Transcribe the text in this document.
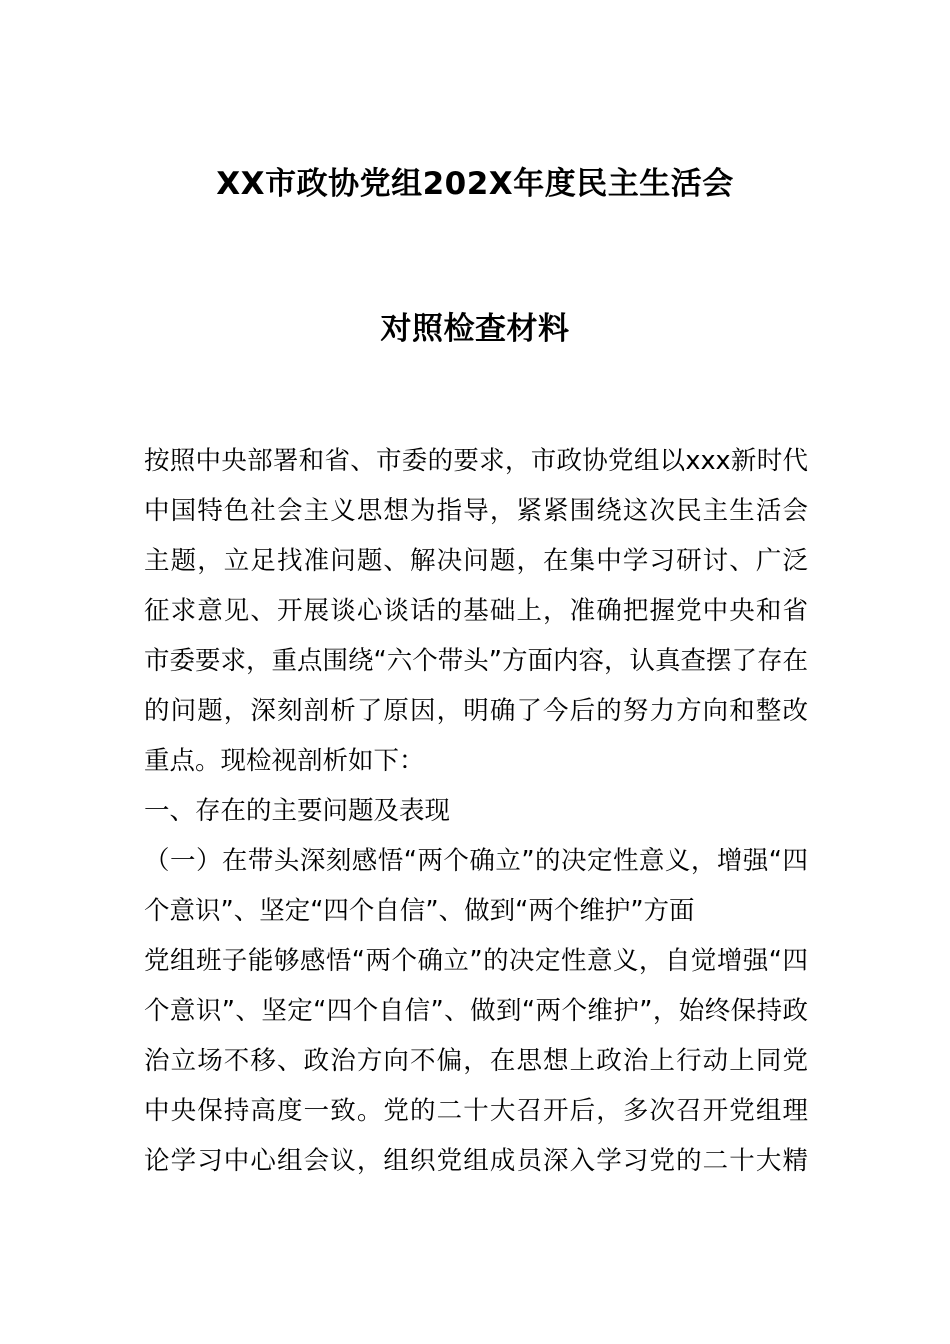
XX市政协党组202X年度民主生活会
对照检查材料
按照中央部署和省、市委的要求，市政协党组以xxx新时代
中国特色社会主义思想为指导，紧紧围绕这次民主生活会
主题，立足找准问题、解决问题，在集中学习研讨、广泛
征求意见、开展谈心谈话的基础上，准确把握党中央和省
市委要求，重点围绕“六个带头”方面内容，认真查摆了存在
的问题，深刻剖析了原因，明确了今后的努力方向和整改
重点。现检视剖析如下：
一、存在的主要问题及表现
（一）在带头深刻感悟“两个确立”的决定性意义，增强“四
个意识”、坚定“四个自信”、做到“两个维护”方面
党组班子能够感悟“两个确立”的决定性意义，自觉增强“四
个意识”、坚定“四个自信”、做到“两个维护”，始终保持政
治立场不移、政治方向不偏，在思想上政治上行动上同党
中央保持高度一致。党的二十大召开后，多次召开党组理
论学习中心组会议，组织党组成员深入学习党的二十大精
